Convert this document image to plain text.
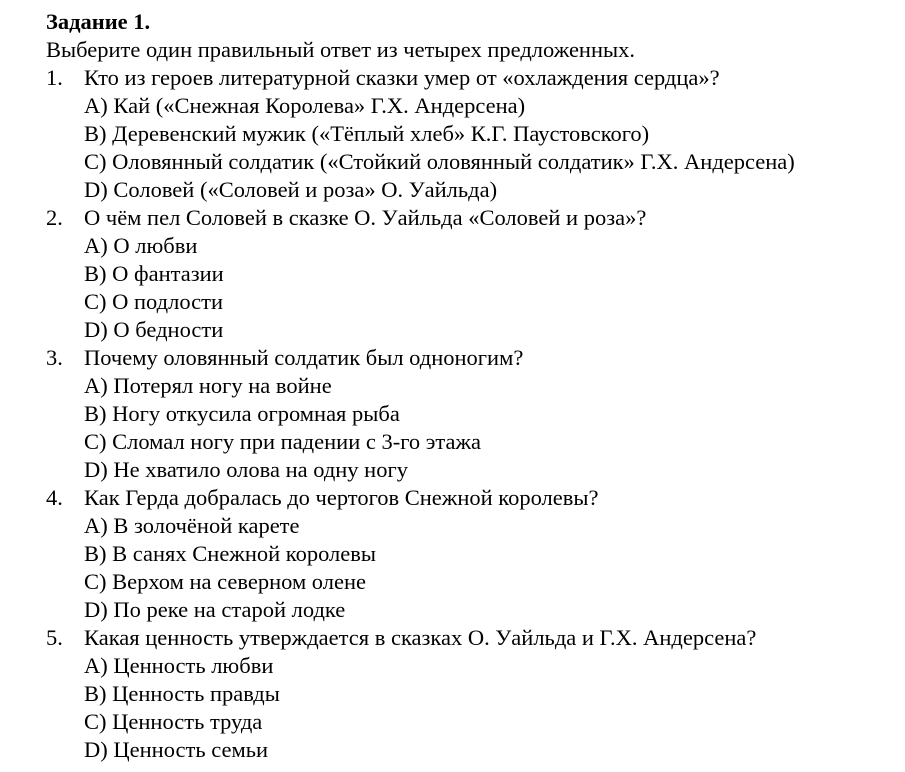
Задание 1.
Выберите один правильный ответ из четырех предложенных.
1. Кто из героев литературной сказки умер от «охлаждения сердца»?
A) Кай («Снежная Королева» Г.Х. Андерсена)
B) Деревенский мужик («Тёплый хлеб» К.Г. Паустовского)
C) Оловянный солдатик («Стойкий оловянный солдатик» Г.Х. Андерсена)
D) Соловей («Соловей и роза» О. Уайльда)
2. О чём пел Соловей в сказке О. Уайльда «Соловей и роза»?
A) О любви
B) О фантазии
C) О подлости
D) О бедности
3. Почему оловянный солдатик был одноногим?
A) Потерял ногу на войне
B) Ногу откусила огромная рыба
C) Сломал ногу при падении с 3-го этажа
D) Не хватило олова на одну ногу
4. Как Герда добралась до чертогов Снежной королевы?
A) В золочёной карете
B) В санях Снежной королевы
C) Верхом на северном олене
D) По реке на старой лодке
5. Какая ценность утверждается в сказках О. Уайльда и Г.Х. Андерсена?
A) Ценность любви
B) Ценность правды
C) Ценность труда
D) Ценность семьи
